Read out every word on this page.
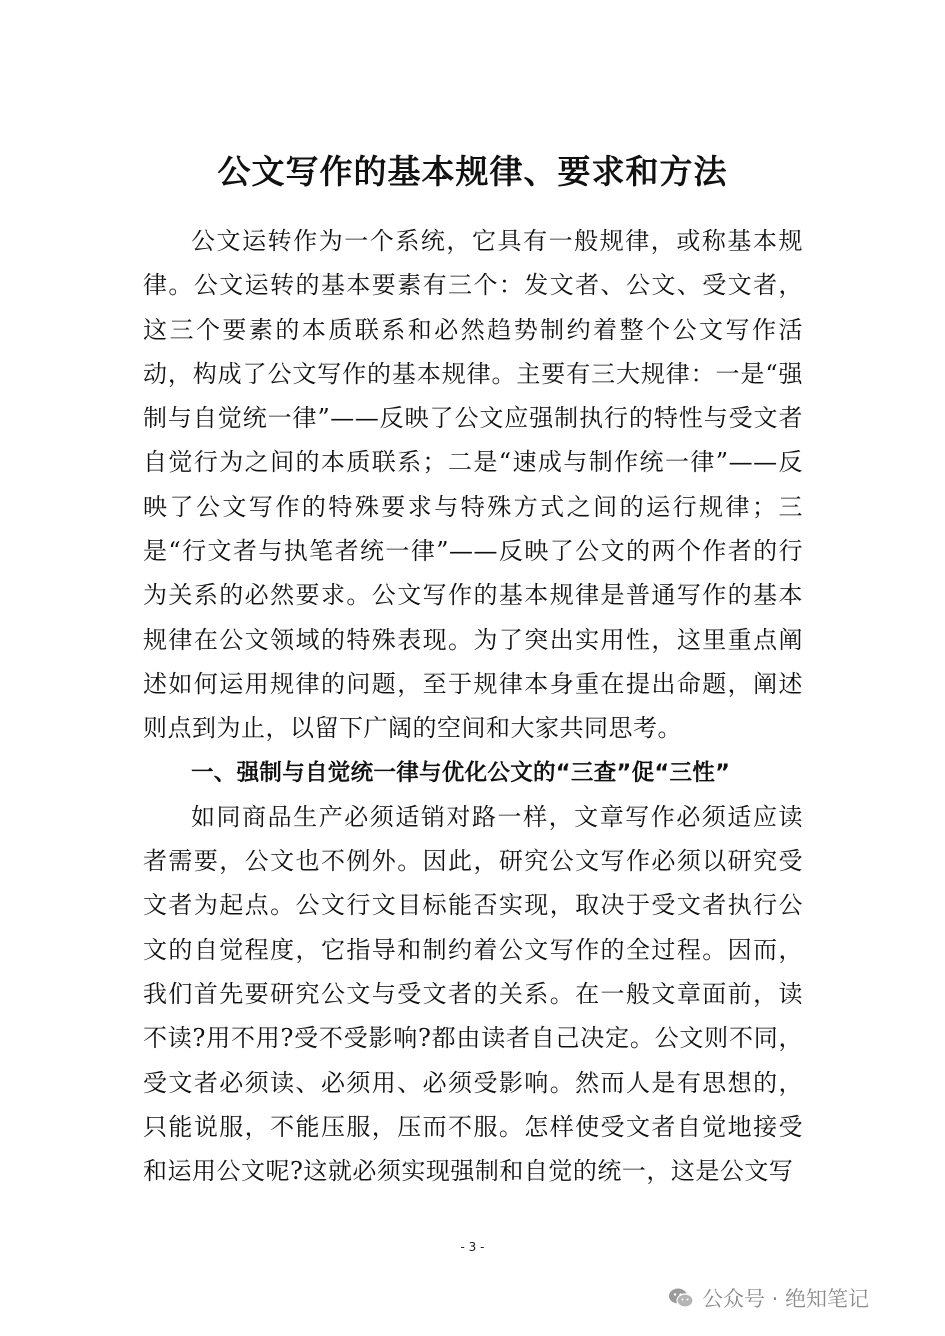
公文写作的基本规律、要求和方法

公文运转作为一个系统，它具有一般规律，或称基本规律。公文运转的基本要素有三个：发文者、公文、受文者，这三个要素的本质联系和必然趋势制约着整个公文写作活动，构成了公文写作的基本规律。主要有三大规律：一是“强制与自觉统一律”——反映了公文应强制执行的特性与受文者自觉行为之间的本质联系；二是“速成与制作统一律”——反映了公文写作的特殊要求与特殊方式之间的运行规律；三是“行文者与执笔者统一律”——反映了公文的两个作者的行为关系的必然要求。公文写作的基本规律是普通写作的基本规律在公文领域的特殊表现。为了突出实用性，这里重点阐述如何运用规律的问题，至于规律本身重在提出命题，阐述则点到为止，以留下广阔的空间和大家共同思考。

一、强制与自觉统一律与优化公文的“三查”促“三性”

如同商品生产必须适销对路一样，文章写作必须适应读者需要，公文也不例外。因此，研究公文写作必须以研究受文者为起点。公文行文目标能否实现，取决于受文者执行公文的自觉程度，它指导和制约着公文写作的全过程。因而，我们首先要研究公文与受文者的关系。在一般文章面前，读不读?用不用?受不受影响?都由读者自己决定。公文则不同，受文者必须读、必须用、必须受影响。然而人是有思想的，只能说服，不能压服，压而不服。怎样使受文者自觉地接受和运用公文呢?这就必须实现强制和自觉的统一，这是公文写

- 3 -
公众号 · 绝知笔记
